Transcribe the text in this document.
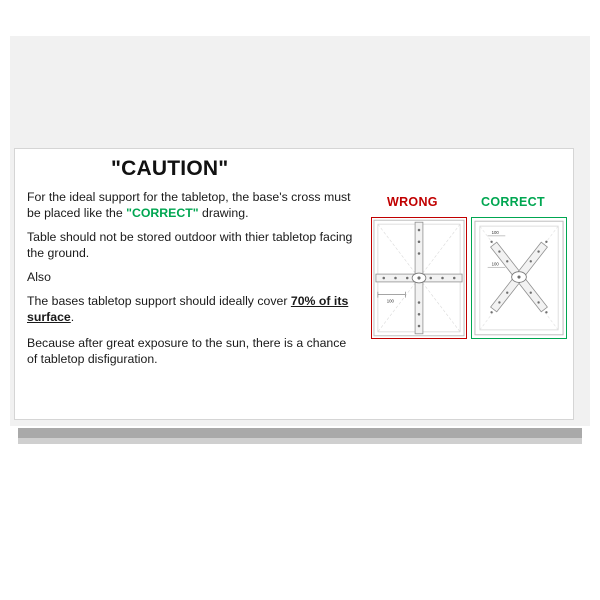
"CAUTION"

For the ideal support for the tabletop, the base's cross must be placed like the "CORRECT" drawing.

Table should not be stored outdoor with thier tabletop facing the ground.

Also

The bases tabletop support should ideally cover 70% of its surface.

Because after great exposure to the sun, there is a chance of tabletop disfiguration.

WRONG	CORRECT
100
100
100
